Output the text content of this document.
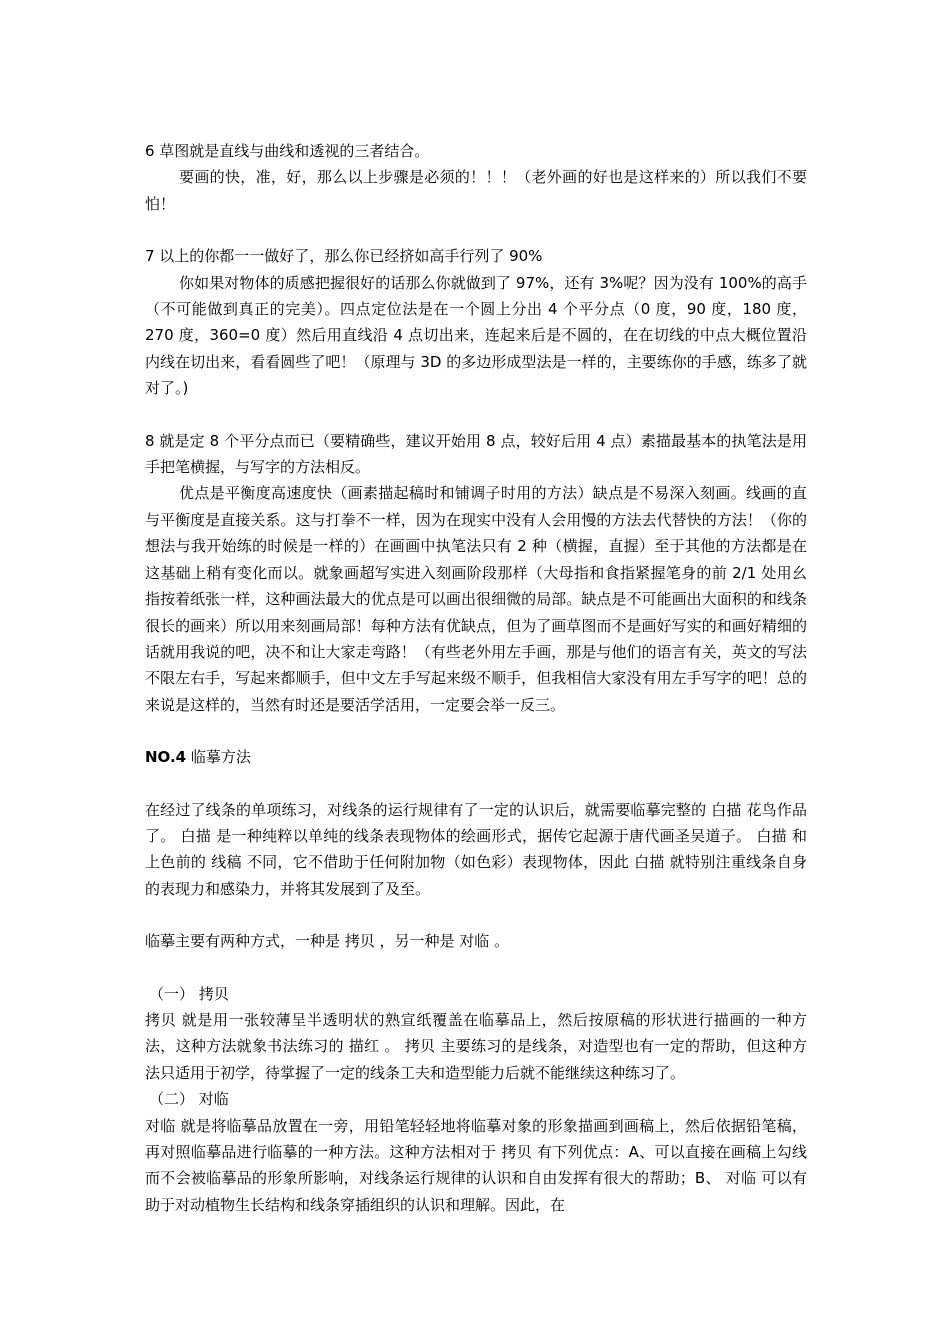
6 草图就是直线与曲线和透视的三者结合。

要画的快，准，好，那么以上步骤是必须的！！！（老外画的好也是这样来的）所以我们不要怕！

7 以上的你都一一做好了，那么你已经挤如高手行列了 90%

你如果对物体的质感把握很好的话那么你就做到了 97%，还有 3%呢？因为没有 100%的高手（不可能做到真正的完美）。四点定位法是在一个圆上分出 4 个平分点（0 度，90 度，180 度，270 度，360=0 度）然后用直线沿 4 点切出来，连起来后是不圆的，在在切线的中点大概位置沿内线在切出来，看看圆些了吧！（原理与 3D 的多边形成型法是一样的，主要练你的手感，练多了就对了。)

8 就是定 8 个平分点而已（要精确些，建议开始用 8 点，较好后用 4 点）素描最基本的执笔法是用手把笔横握，与写字的方法相反。

优点是平衡度高速度快（画素描起稿时和铺调子时用的方法）缺点是不易深入刻画。线画的直与平衡度是直接关系。这与打拳不一样，因为在现实中没有人会用慢的方法去代替快的方法！（你的想法与我开始练的时候是一样的）在画画中执笔法只有 2 种（横握，直握）至于其他的方法都是在这基础上稍有变化而以。就象画超写实进入刻画阶段那样（大母指和食指紧握笔身的前 2/1 处用幺指按着纸张一样，这种画法最大的优点是可以画出很细微的局部。缺点是不可能画出大面积的和线条很长的画来）所以用来刻画局部！每种方法有优缺点，但为了画草图而不是画好写实的和画好精细的话就用我说的吧，决不和让大家走弯路！（有些老外用左手画，那是与他们的语言有关，英文的写法不限左右手，写起来都顺手，但中文左手写起来级不顺手，但我相信大家没有用左手写字的吧！总的来说是这样的，当然有时还是要活学活用，一定要会举一反三。

NO.4 临摹方法

在经过了线条的单项练习，对线条的运行规律有了一定的认识后，就需要临摹完整的 白描 花鸟作品了。 白描 是一种纯粹以单纯的线条表现物体的绘画形式，据传它起源于唐代画圣吴道子。 白描 和上色前的 线稿 不同，它不借助于任何附加物（如色彩）表现物体，因此 白描 就特别注重线条自身的表现力和感染力，并将其发展到了及至。

临摹主要有两种方式，一种是 拷贝 ，另一种是 对临 。

（一） 拷贝

拷贝 就是用一张较薄呈半透明状的熟宣纸覆盖在临摹品上，然后按原稿的形状进行描画的一种方法，这种方法就象书法练习的 描红 。 拷贝 主要练习的是线条，对造型也有一定的帮助，但这种方法只适用于初学，待掌握了一定的线条工夫和造型能力后就不能继续这种练习了。

（二） 对临

对临 就是将临摹品放置在一旁，用铅笔轻轻地将临摹对象的形象描画到画稿上，然后依据铅笔稿，再对照临摹品进行临摹的一种方法。这种方法相对于 拷贝 有下列优点：A、可以直接在画稿上勾线而不会被临摹品的形象所影响，对线条运行规律的认识和自由发挥有很大的帮助；B、 对临 可以有助于对动植物生长结构和线条穿插组织的认识和理解。因此，在
